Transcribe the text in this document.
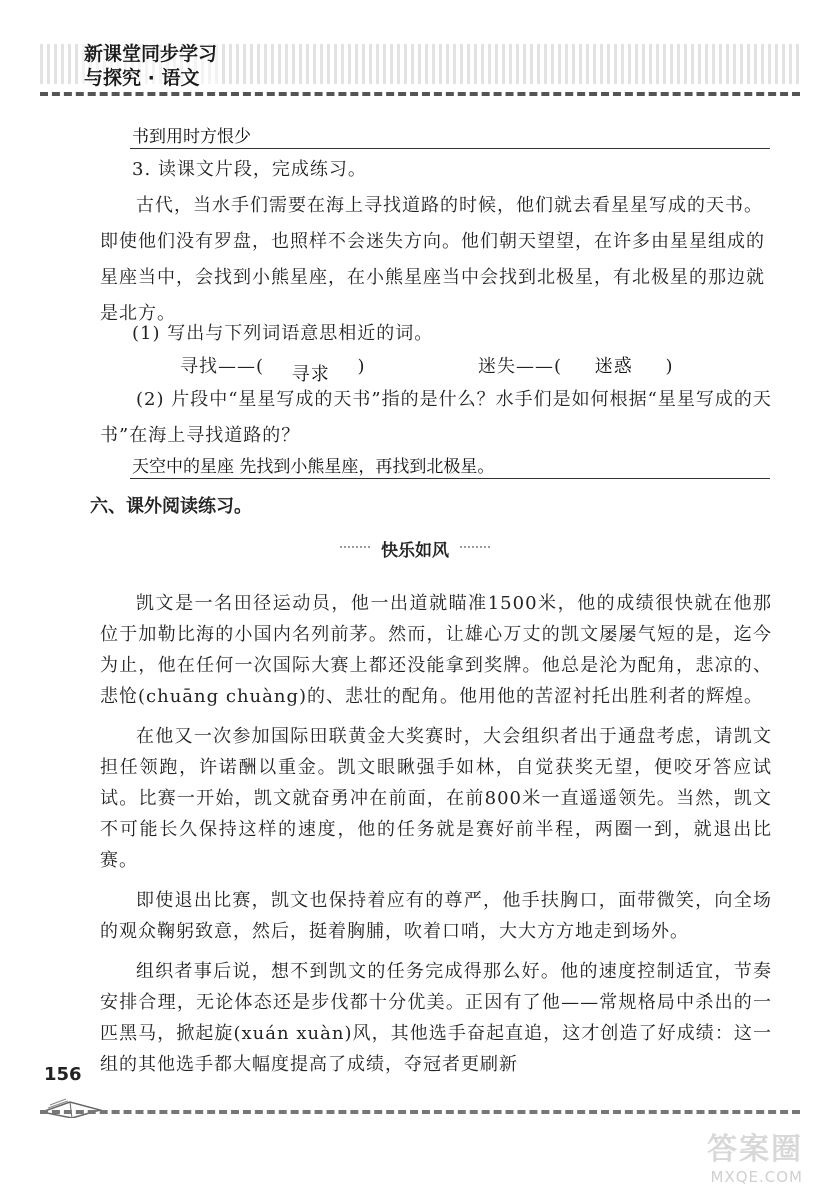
新课堂同步学习
与探究 · 语文
书到用时方恨少
3. 读课文片段，完成练习。
古代，当水手们需要在海上寻找道路的时候，他们就去看星星写成的天书。即使他们没有罗盘，也照样不会迷失方向。他们朝天望望，在许多由星星组成的星座当中，会找到小熊星座，在小熊星座当中会找到北极星，有北极星的那边就是北方。
(1) 写出与下列词语意思相近的词。
寻找——( 寻求 )	迷失——( 迷惑 )
(2) 片段中“星星写成的天书”指的是什么？水手们是如何根据“星星写成的天书”在海上寻找道路的？
天空中的星座 先找到小熊星座，再找到北极星。
六、课外阅读练习。
快乐如风
凯文是一名田径运动员，他一出道就瞄准1500米，他的成绩很快就在他那位于加勒比海的小国内名列前茅。然而，让雄心万丈的凯文屡屡气短的是，迄今为止，他在任何一次国际大赛上都还没能拿到奖牌。他总是沦为配角，悲凉的、悲怆(chuāng chuàng)的、悲壮的配角。他用他的苦涩衬托出胜利者的辉煌。
在他又一次参加国际田联黄金大奖赛时，大会组织者出于通盘考虑，请凯文担任领跑，许诺酬以重金。凯文眼瞅强手如林，自觉获奖无望，便咬牙答应试试。比赛一开始，凯文就奋勇冲在前面，在前800米一直遥遥领先。当然，凯文不可能长久保持这样的速度，他的任务就是赛好前半程，两圈一到，就退出比赛。
即使退出比赛，凯文也保持着应有的尊严，他手扶胸口，面带微笑，向全场的观众鞠躬致意，然后，挺着胸脯，吹着口哨，大大方方地走到场外。
组织者事后说，想不到凯文的任务完成得那么好。他的速度控制适宜，节奏安排合理，无论体态还是步伐都十分优美。正因有了他——常规格局中杀出的一匹黑马，掀起旋(xuán xuàn)风，其他选手奋起直追，这才创造了好成绩：这一组的其他选手都大幅度提高了成绩，夺冠者更刷新
156
答案圈
MXQE.COM
